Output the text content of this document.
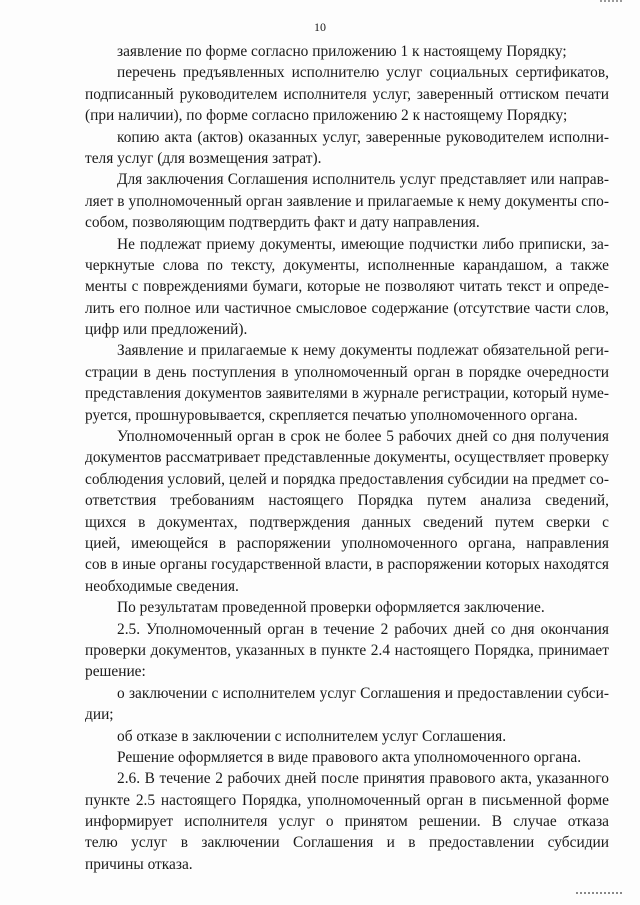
10
заявление по форме согласно приложению 1 к настоящему Порядку;
перечень предъявленных исполнителю услуг социальных сертификатов,
подписанный руководителем исполнителя услуг, заверенный оттиском печати
(при наличии), по форме согласно приложению 2 к настоящему Порядку;
копию акта (актов) оказанных услуг, заверенные руководителем исполни-
теля услуг (для возмещения затрат).
Для заключения Соглашения исполнитель услуг представляет или направ-
ляет в уполномоченный орган заявление и прилагаемые к нему документы спо-
собом, позволяющим подтвердить факт и дату направления.
Не подлежат приему документы, имеющие подчистки либо приписки, за-
черкнутые слова по тексту, документы, исполненные карандашом, а также
менты с повреждениями бумаги, которые не позволяют читать текст и опреде-
лить его полное или частичное смысловое содержание (отсутствие части слов,
цифр или предложений).
Заявление и прилагаемые к нему документы подлежат обязательной реги-
страции в день поступления в уполномоченный орган в порядке очередности
представления документов заявителями в журнале регистрации, который нуме-
руется, прошнуровывается, скрепляется печатью уполномоченного органа.
Уполномоченный орган в срок не более 5 рабочих дней со дня получения
документов рассматривает представленные документы, осуществляет проверку
соблюдения условий, целей и порядка предоставления субсидии на предмет со-
ответствия требованиям настоящего Порядка путем анализа сведений,
щихся в документах, подтверждения данных сведений путем сверки с
цией, имеющейся в распоряжении уполномоченного органа, направления
сов в иные органы государственной власти, в распоряжении которых находятся
необходимые сведения.
По результатам проведенной проверки оформляется заключение.
2.5. Уполномоченный орган в течение 2 рабочих дней со дня окончания
проверки документов, указанных в пункте 2.4 настоящего Порядка, принимает
решение:
о заключении с исполнителем услуг Соглашения и предоставлении субси-
дии;
об отказе в заключении с исполнителем услуг Соглашения.
Решение оформляется в виде правового акта уполномоченного органа.
2.6. В течение 2 рабочих дней после принятия правового акта, указанного
пункте 2.5 настоящего Порядка, уполномоченный орган в письменной форме
информирует исполнителя услуг о принятом решении. В случае отказа
телю услуг в заключении Соглашения и в предоставлении субсидии
причины отказа.
